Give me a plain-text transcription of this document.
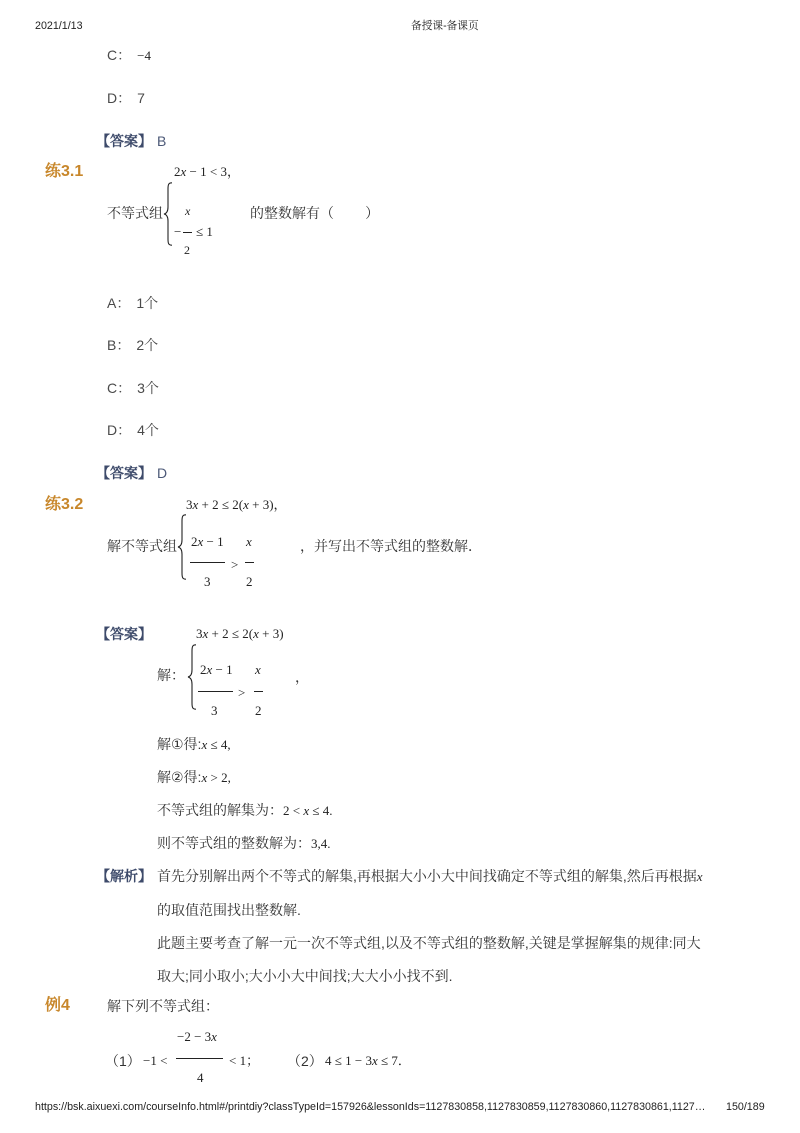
2021/1/13	备授课-备课页
C： −4
D： 7
【答案】 B
练3.1	2x − 1 < 3，
不等式组
−
x
2
≤ 1
的整数解有（        ）
A： 1个
B： 2个
C： 3个
D： 4个
【答案】 D
练3.2	3x + 2 ≤ 2(x + 3)，
解不等式组 2x − 1
3
>
x
2
，并写出不等式组的整数解．
【答案】	3x + 2 ≤ 2(x + 3)
解： 2x − 1
3
>
x
2
，
解①得:x ≤ 4,
解②得:x > 2,
不等式组的解集为：2 < x ≤ 4.
则不等式组的整数解为：3,4.
【解析】 首先分别解出两个不等式的解集,再根据大小小大中间找确定不等式组的解集,然后再根据x
的取值范围找出整数解.
此题主要考查了解一元一次不等式组,以及不等式组的整数解,关键是掌握解集的规律:同大
取大;同小取小;大小小大中间找;大大小小找不到.
例4	解下列不等式组：
（1） −1 <
−2 − 3x
4
< 1； （2） 4 ≤ 1 − 3x ≤ 7．
https://bsk.aixuexi.com/courseInfo.html#/printdiy?classTypeId=157926&lessonIds=1127830858,1127830859,1127830860,1127830861,1127… 150/189
